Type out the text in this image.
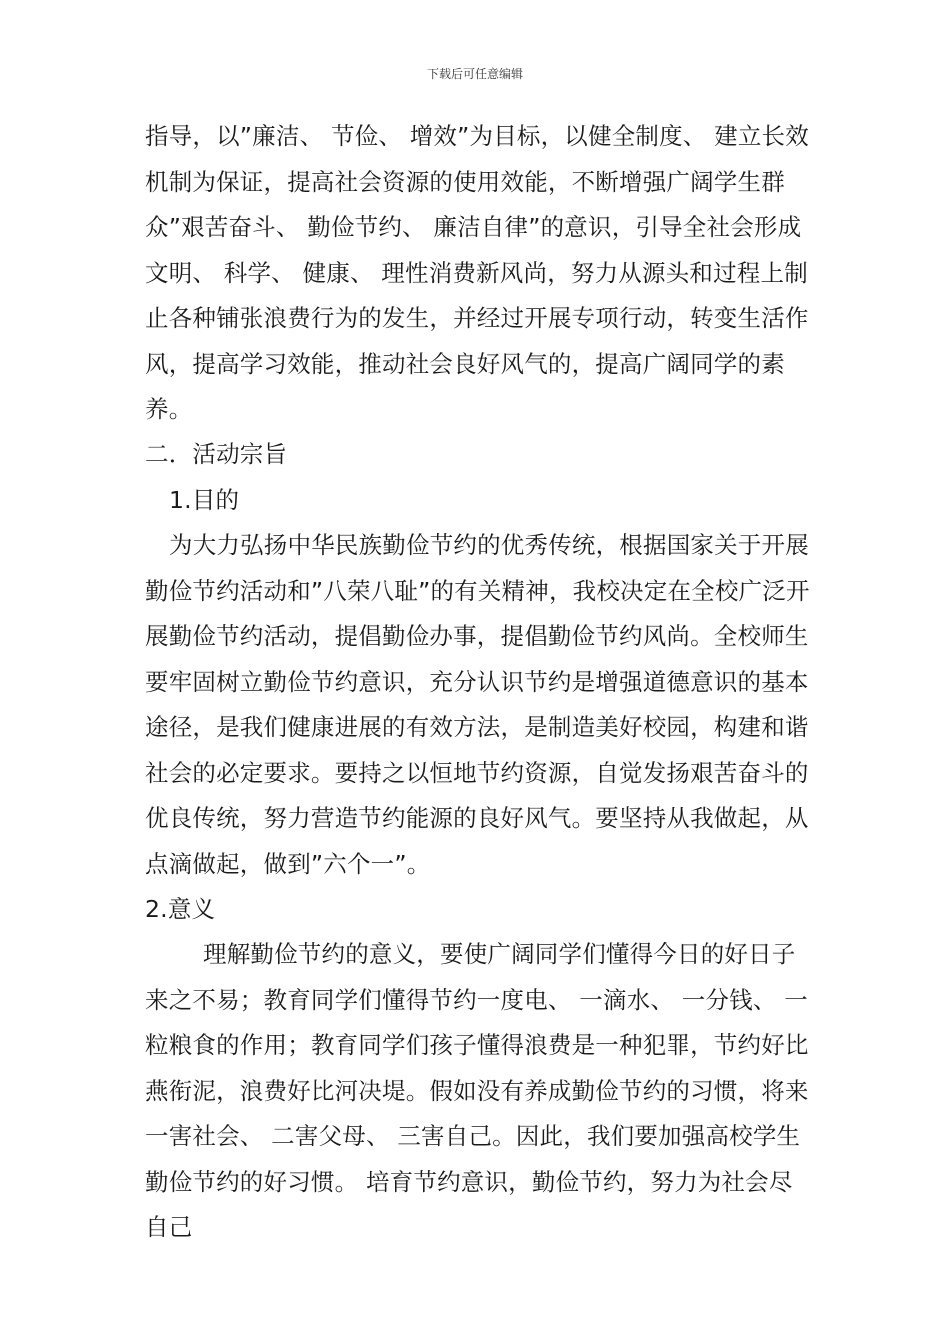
下载后可任意编辑

指导，以”廉洁、 节俭、 增效”为目标，以健全制度、 建立长效机制为保证，提高社会资源的使用效能，不断增强广阔学生群众”艰苦奋斗、 勤俭节约、 廉洁自律”的意识，引导全社会形成文明、 科学、 健康、 理性消费新风尚，努力从源头和过程上制止各种铺张浪费行为的发生，并经过开展专项行动，转变生活作风，提高学习效能，推动社会良好风气的，提高广阔同学的素养。

二．活动宗旨
1.目的

为大力弘扬中华民族勤俭节约的优秀传统，根据国家关于开展勤俭节约活动和”八荣八耻”的有关精神，我校决定在全校广泛开展勤俭节约活动，提倡勤俭办事，提倡勤俭节约风尚。全校师生要牢固树立勤俭节约意识，充分认识节约是增强道德意识的基本途径，是我们健康进展的有效方法，是制造美好校园，构建和谐社会的必定要求。要持之以恒地节约资源，自觉发扬艰苦奋斗的优良传统，努力营造节约能源的良好风气。要坚持从我做起，从点滴做起，做到”六个一”。

2.意义

理解勤俭节约的意义，要使广阔同学们懂得今日的好日子来之不易；教育同学们懂得节约一度电、 一滴水、 一分钱、 一粒粮食的作用；教育同学们孩子懂得浪费是一种犯罪，节约好比燕衔泥，浪费好比河决堤。假如没有养成勤俭节约的习惯，将来一害社会、 二害父母、 三害自己。因此，我们要加强高校学生勤俭节约的好习惯。 培育节约意识，勤俭节约，努力为社会尽自己
